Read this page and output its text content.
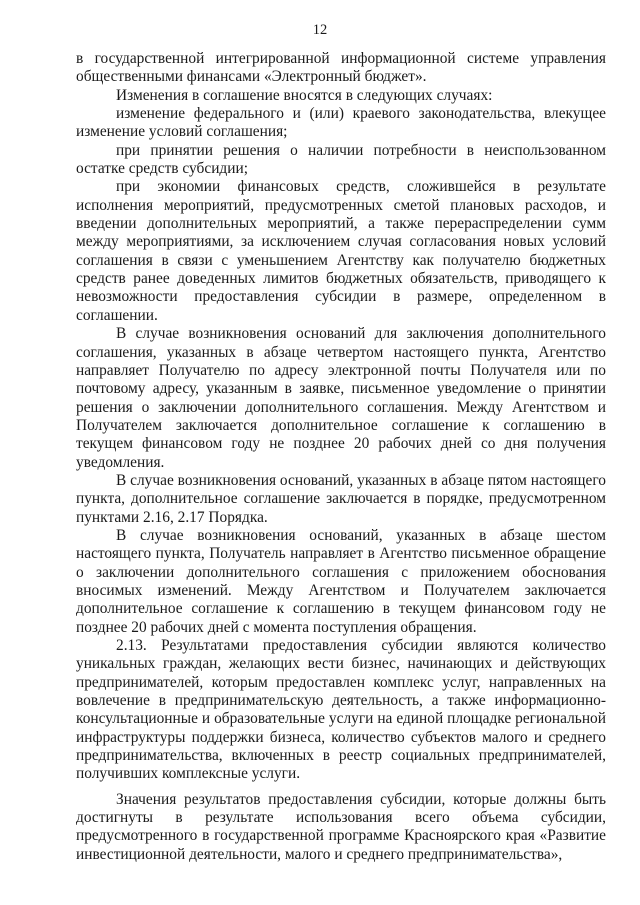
12

в государственной интегрированной информационной системе управления общественными финансами «Электронный бюджет».

Изменения в соглашение вносятся в следующих случаях:

изменение федерального и (или) краевого законодательства, влекущее изменение условий соглашения;

при принятии решения о наличии потребности в неиспользованном остатке средств субсидии;

при экономии финансовых средств, сложившейся в результате исполнения мероприятий, предусмотренных сметой плановых расходов, и введении дополнительных мероприятий, а также перераспределении сумм между мероприятиями, за исключением случая согласования новых условий соглашения в связи с уменьшением Агентству как получателю бюджетных средств ранее доведенных лимитов бюджетных обязательств, приводящего к невозможности предоставления субсидии в размере, определенном в соглашении.

В случае возникновения оснований для заключения дополнительного соглашения, указанных в абзаце четвертом настоящего пункта, Агентство направляет Получателю по адресу электронной почты Получателя или по почтовому адресу, указанным в заявке, письменное уведомление о принятии решения о заключении дополнительного соглашения. Между Агентством и Получателем заключается дополнительное соглашение к соглашению в текущем финансовом году не позднее 20 рабочих дней со дня получения уведомления.

В случае возникновения оснований, указанных в абзаце пятом настоящего пункта, дополнительное соглашение заключается в порядке, предусмотренном пунктами 2.16, 2.17 Порядка.

В случае возникновения оснований, указанных в абзаце шестом настоящего пункта, Получатель направляет в Агентство письменное обращение о заключении дополнительного соглашения с приложением обоснования вносимых изменений. Между Агентством и Получателем заключается дополнительное соглашение к соглашению в текущем финансовом году не позднее 20 рабочих дней с момента поступления обращения.

2.13. Результатами предоставления субсидии являются количество уникальных граждан, желающих вести бизнес, начинающих и действующих предпринимателей, которым предоставлен комплекс услуг, направленных на вовлечение в предпринимательскую деятельность, а также информационно-консультационные и образовательные услуги на единой площадке региональной инфраструктуры поддержки бизнеса, количество субъектов малого и среднего предпринимательства, включенных в реестр социальных предпринимателей, получивших комплексные услуги.

Значения результатов предоставления субсидии, которые должны быть достигнуты в результате использования всего объема субсидии, предусмотренного в государственной программе Красноярского края «Развитие инвестиционной деятельности, малого и среднего предпринимательства»,
